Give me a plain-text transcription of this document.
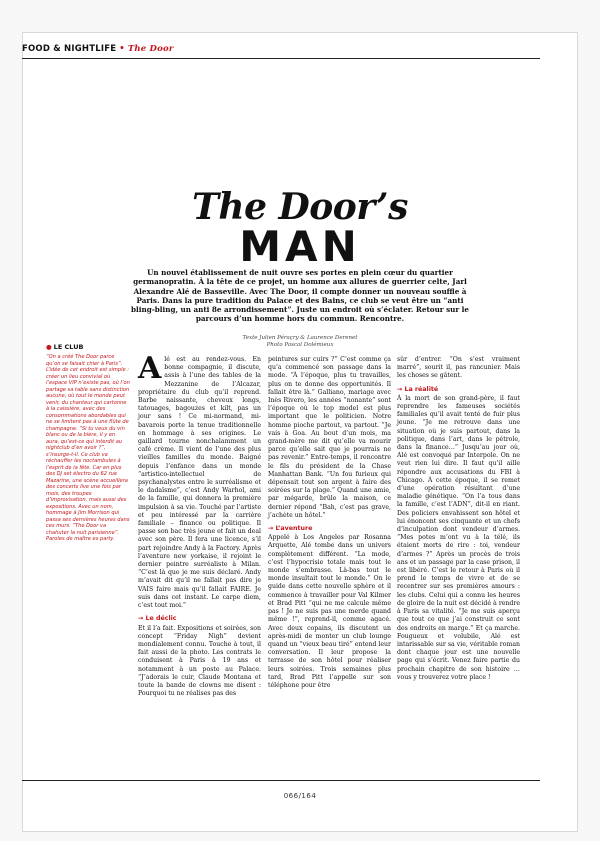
FOOD & NIGHTLIFE • The Door
The Door’s
MAN
Un nouvel établissement de nuit ouvre ses portes en plein cœur du quartier germanopratin. À la tête de ce projet, un homme aux allures de guerrier celte, Jarl Alexandre Alé de Basseville. Avec The Door, il compte donner un nouveau souffle à Paris. Dans la pure tradition du Palace et des Bains, ce club se veut être un “anti bling-bling, un anti 8e arrondissement”. Juste un endroit où s’éclater. Retour sur le parcours d’un homme hors du commun. Rencontre.
Texte Julien Péraçry & Laurence Derenet
Photo Pascal Dolémieux
● LE CLUB
“On a créé The Door parce qu’on se faisait chier à Paris”. L’idée de cet endroit est simple : créer un lieu convivial où l’espace VIP n’existe pas, où l’on partage sa table sans distinction aucune, où tout le monde peut venir, du chanteur qui cartonne à la caissière, avec des consommations abordables qui ne se limitent pas à une flûte de champagne. “Si tu veux du vin blanc ou de la bière, il y en aura, qu’est-ce qui interdit au nightclub d’en avoir ?”, s’insurge-t-il. Ce club va réchauffer les noctambules à l’esprit de la fête. Car en plus des DJ set électro du 62 rue Mazarine, une scène accueillera des concerts live une fois par mois, des troupes d’improvisation, mais aussi des expositions. Avec un nom, hommage à Jim Morrison qui passa ses dernières heures dans ces murs. “The Door va chahuter la nuit parisienne”. Paroles de maître es party.

Alé est au rendez-vous. En bonne compagnie, il discute, assis à l’une des tables de la Mezzanine de l’Alcazar, propriétaire du club qu’il reprend. Barbe naissante, cheveux longs, tatouages, bagouzes et kilt, pas un jour sans ! Ce mi-normand, mi-bavarois porte la tenue traditionnelle en hommage à ses origines. Le gaillard tourne nonchalamment un café crème. Il vient de l’une des plus vieilles familles du monde. Baigné depuis l’enfance dans un monde “artistico-intellectuel de psychanalystes entre le surréalisme et le dadaïsme”, c’est Andy Warhol, ami de la famille, qui donnera la première impulsion à sa vie. Touché par l’artiste et peu intéressé par la carrière familiale – finance ou politique. Il passe son bac très jeune et fait un deal avec son père. Il fera une licence, s’il part rejoindre Andy à la Factory. Après l’aventure new yorkaise, il rejoint le dernier peintre surréaliste à Milan. “C’est là que je me suis déclaré. Andy m’avait dit qu’il ne fallait pas dire je VAIS faire mais qu’il fallait FAIRE. Je suis dans cet instant. Le carpe diem, c’est tout moi.”

→ Le déclic

Et il l’a fait. Expositions et soirées, son concept “Friday Nigh” devient mondialement connu. Touche à tout, il fait aussi de la photo. Les contrats le conduisent à Paris à 19 ans et notamment à un poste au Palace. “J’adorais le cuir, Claude Montana et toute la bande de clowns me disent : Pourquoi tu ne réalises pas des

peintures sur cuirs ?” C’est comme ça qu’a commencé son passage dans la mode. “À l’époque, plus tu travailles, plus on te donne des opportunités. Il fallait être là.” Galliano, mariage avec Inès Rivero, les années “nonante” sont l’époque où le top model est plus important que le politicien. Notre homme pioche partout, va partout. “Je vais à Goa. Au bout d’un mois, ma grand-mère me dit qu’elle va mourir parce qu’elle sait que je pourrais ne pas revenir.” Entre-temps, il rencontre le fils du président de la Chase Manhattan Bank. “Un fou furieux qui dépensait tout son argent à faire des soirées sur la plage.” Quand une amie, par mégarde, brûle la maison, ce dernier répond “Bah, c’est pas grave, j’achète un hôtel.”

→ L’aventure

Appelé à Los Angeles par Rosanna Arquette, Alé tombe dans un univers complètement différent. “La mode, c’est l’hypocrisie totale mais tout le monde s’embrasse. Là-bas tout le monde insultait tout le monde.” On le guide dans cette nouvelle sphère et il commence à travailler pour Val Kilmer et Brad Pitt “qui ne me calcule même pas ! Je ne suis pas une merde quand même !”, reprend-il, comme agacé. Avec deux copains, ils discutent un après-midi de monter un club lounge quand un “vieux beau tiré” entend leur conversation. Il leur propose la terrasse de son hôtel pour réaliser leurs soirées. Trois semaines plus tard, Brad Pitt l’appelle sur son téléphone pour être

sûr d’entrer. “On s’est vraiment marré”, sourit il, pas rancunier. Mais les choses se gâtent.

→ La réalité

À la mort de son grand-père, il faut reprendre les fameuses sociétés familiales qu’il avait tenté de fuir plus jeune. “Je me retrouve dans une situation où je suis partout, dans la politique, dans l’art, dans le pétrole, dans la finance…” Jusqu’au jour où, Alé est convoqué par Interpole. On ne veut rien lui dire. Il faut qu’il aille répondre aux accusations du FBI à Chicago. À cette époque, il se remet d’une opération résultant d’une maladie génétique. “On l’a tous dans la famille, c’est l’ADN”, dit-il en riant. Des policiers envahissent son hôtel et lui énoncent ses cinquante et un chefs d’inculpation dont vendeur d’armes. “Mes potes m’ont vu à la télé, ils étaient morts de rire : toi, vendeur d’armes ?” Après un procès de trois ans et un passage par la case prison, il est libéré. C’est le retour à Paris où il prend le temps de vivre et de se recentrer sur ses premières amours : les clubs. Celui qui a connu les heures de gloire de la nuit est décidé à rendre à Paris sa vitalité. “Je me suis aperçu que tout ce que j’ai construit ce sont des endroits en marge.” Et ça marche. Fougueux et volubile, Alé est intarissable sur sa vie, véritable roman dont chaque jour est une nouvelle page qui s’écrit. Venez faire partie du prochain chapitre de son histoire … vous y trouverez votre place !

066/164
